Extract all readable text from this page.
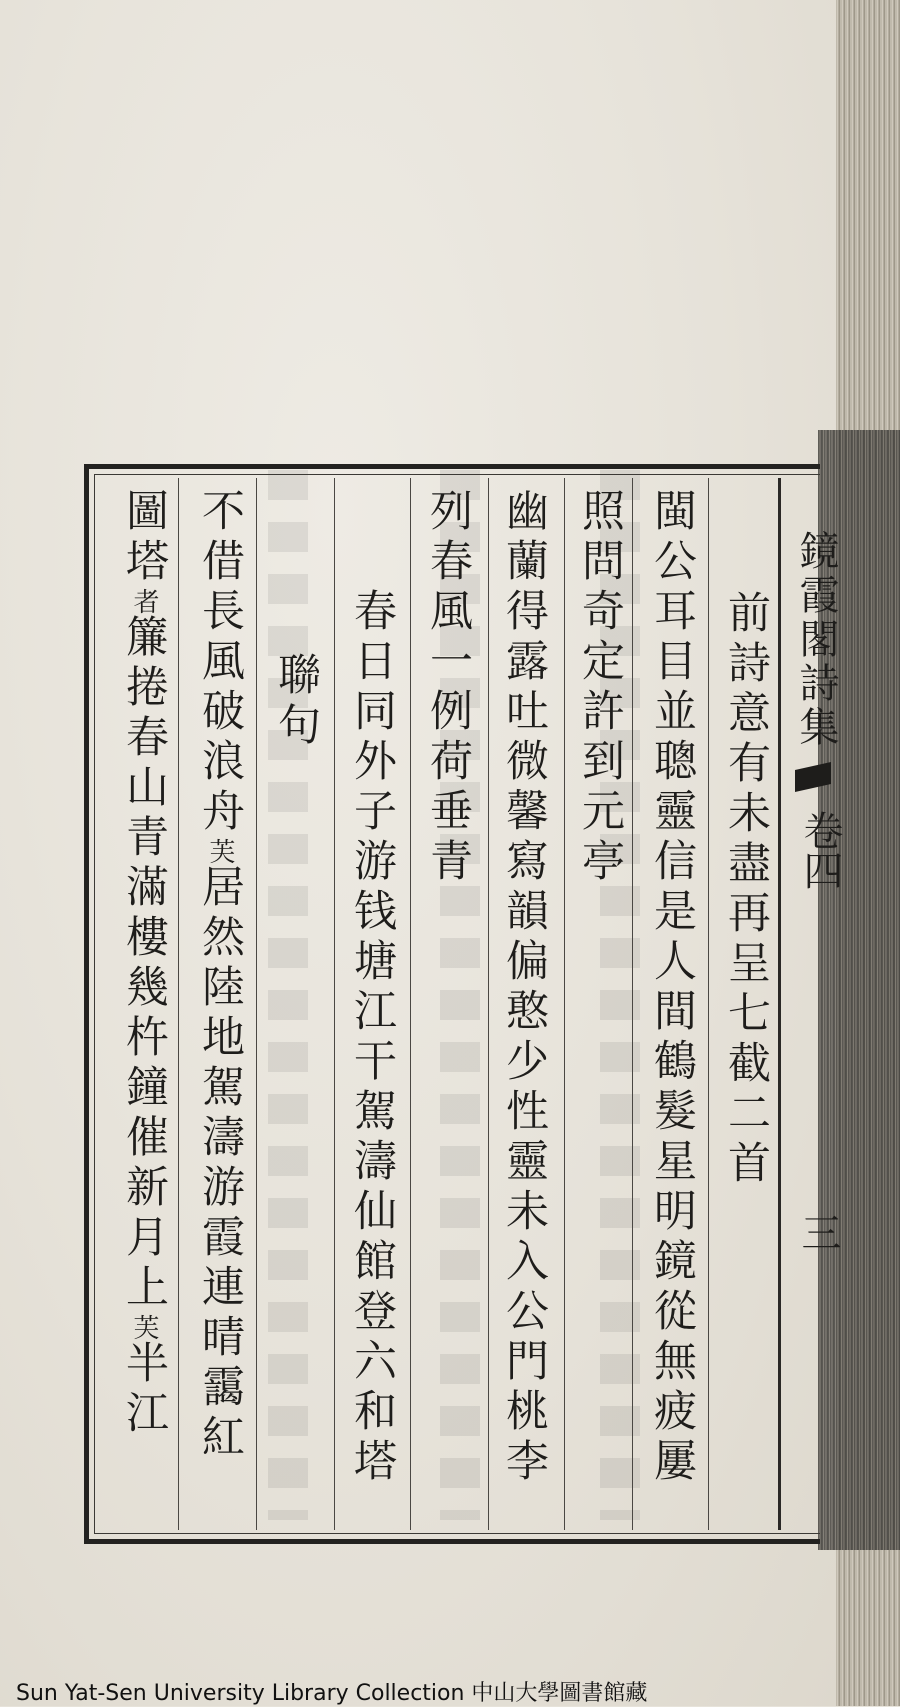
前詩意有未盡再呈七截二首
閩公耳目並聰靈信是人間鶴髮星明鏡從無疲屢
照問奇定許到元亭
幽蘭得露吐微馨寫韻偏憨少性靈未入公門桃李
列春風一例荷垂青
春日同外子游钱塘江干駕濤仙館登六和塔
聯句
不借長風破浪舟芙居然陸地駕濤游霞連晴靄紅
圖塔者簾捲春山青滿樓幾杵鐘催新月上芙半江
鏡霞閣詩集
卷四
三
Sun Yat-Sen University Library Collection 中山大學圖書館藏
